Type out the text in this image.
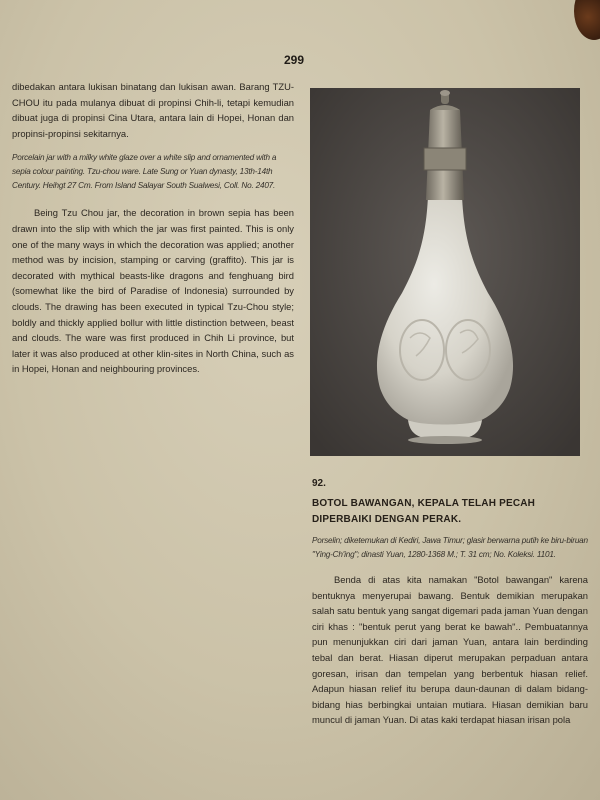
299

dibedakan antara lukisan binatang dan lukisan awan. Barang TZU-CHOU itu pada mulanya dibuat di propinsi Chih-li, tetapi kemudian dibuat juga di propinsi Cina Utara, antara lain di Hopei, Honan dan propinsi-propinsi sekitarnya.

Porcelain jar with a milky white glaze over a white slip and ornamented with a sepia colour painting. Tzu-chou ware. Late Sung or Yuan dynasty, 13th-14th Century. Heihgt 27 Cm. From Island Salayar South Sualwesi, Coll. No. 2407.

Being Tzu Chou jar, the decoration in brown sepia has been drawn into the slip with which the jar was first painted. This is only one of the many ways in which the decoration was applied; another method was by incision, stamping or carving (graffito). This jar is decorated with mythical beasts-like dragons and fenghuang bird (somewhat like the bird of Paradise of Indonesia) surrounded by clouds. The drawing has been executed in typical Tzu-Chou style; boldly and thickly applied bollur with little distinction between, beast and clouds. The ware was first produced in Chih Li province, but later it was also produced at other klin-sites in North China, such as in Hopei, Honan and neighbouring provinces.

92.

BOTOL BAWANGAN, KEPALA TELAH PECAH DIPERBAIKI DENGAN PERAK.

Porselin; diketemukan di Kediri, Jawa Timur; glasir berwarna putih ke biru-biruan "Ying-Ch'ing"; dinasti Yuan, 1280-1368 M.; T. 31 cm; No. Koleksi. 1101.

Benda di atas kita namakan "Botol bawangan" karena bentuknya menyerupai bawang. Bentuk demikian merupakan salah satu bentuk yang sangat digemari pada jaman Yuan dengan ciri khas : "bentuk perut yang berat ke bawah".. Pembuatannya pun menunjukkan ciri dari jaman Yuan, antara lain berdinding tebal dan berat. Hiasan diperut merupakan perpaduan antara goresan, irisan dan tempelan yang berbentuk hiasan relief. Adapun hiasan relief itu berupa daun-daunan di dalam bidang-bidang hias berbingkai untaian mutiara. Hiasan demikian baru muncul di jaman Yuan. Di atas kaki terdapat hiasan irisan pola
